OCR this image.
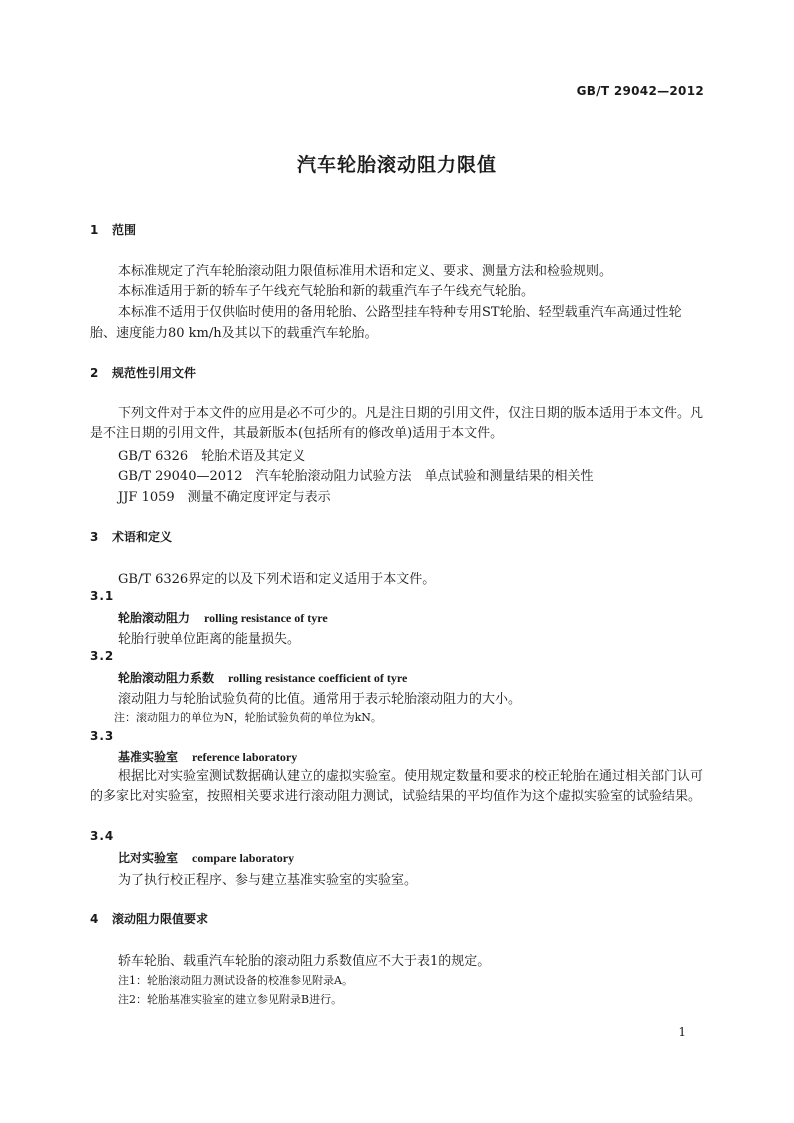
GB/T 29042—2012
汽车轮胎滚动阻力限值
1 范围
本标准规定了汽车轮胎滚动阻力限值标准用术语和定义、要求、测量方法和检验规则。
本标准适用于新的轿车子午线充气轮胎和新的载重汽车子午线充气轮胎。
本标准不适用于仅供临时使用的备用轮胎、公路型挂车特种专用ST轮胎、轻型载重汽车高通过性轮胎、速度能力80 km/h及其以下的载重汽车轮胎。
2 规范性引用文件
下列文件对于本文件的应用是必不可少的。凡是注日期的引用文件，仅注日期的版本适用于本文件。凡是不注日期的引用文件，其最新版本(包括所有的修改单)适用于本文件。
GB/T 6326　轮胎术语及其定义
GB/T 29040—2012　汽车轮胎滚动阻力试验方法　单点试验和测量结果的相关性
JJF 1059　测量不确定度评定与表示
3 术语和定义
GB/T 6326界定的以及下列术语和定义适用于本文件。
3.1
轮胎滚动阻力 rolling resistance of tyre
轮胎行驶单位距离的能量损失。
3.2
轮胎滚动阻力系数 rolling resistance coefficient of tyre
滚动阻力与轮胎试验负荷的比值。通常用于表示轮胎滚动阻力的大小。
注：滚动阻力的单位为N，轮胎试验负荷的单位为kN。
3.3
基准实验室 reference laboratory
根据比对实验室测试数据确认建立的虚拟实验室。使用规定数量和要求的校正轮胎在通过相关部门认可的多家比对实验室，按照相关要求进行滚动阻力测试，试验结果的平均值作为这个虚拟实验室的试验结果。
3.4
比对实验室 compare laboratory
为了执行校正程序、参与建立基准实验室的实验室。
4 滚动阻力限值要求
轿车轮胎、载重汽车轮胎的滚动阻力系数值应不大于表1的规定。
注1：轮胎滚动阻力测试设备的校准参见附录A。
注2：轮胎基准实验室的建立参见附录B进行。
1
